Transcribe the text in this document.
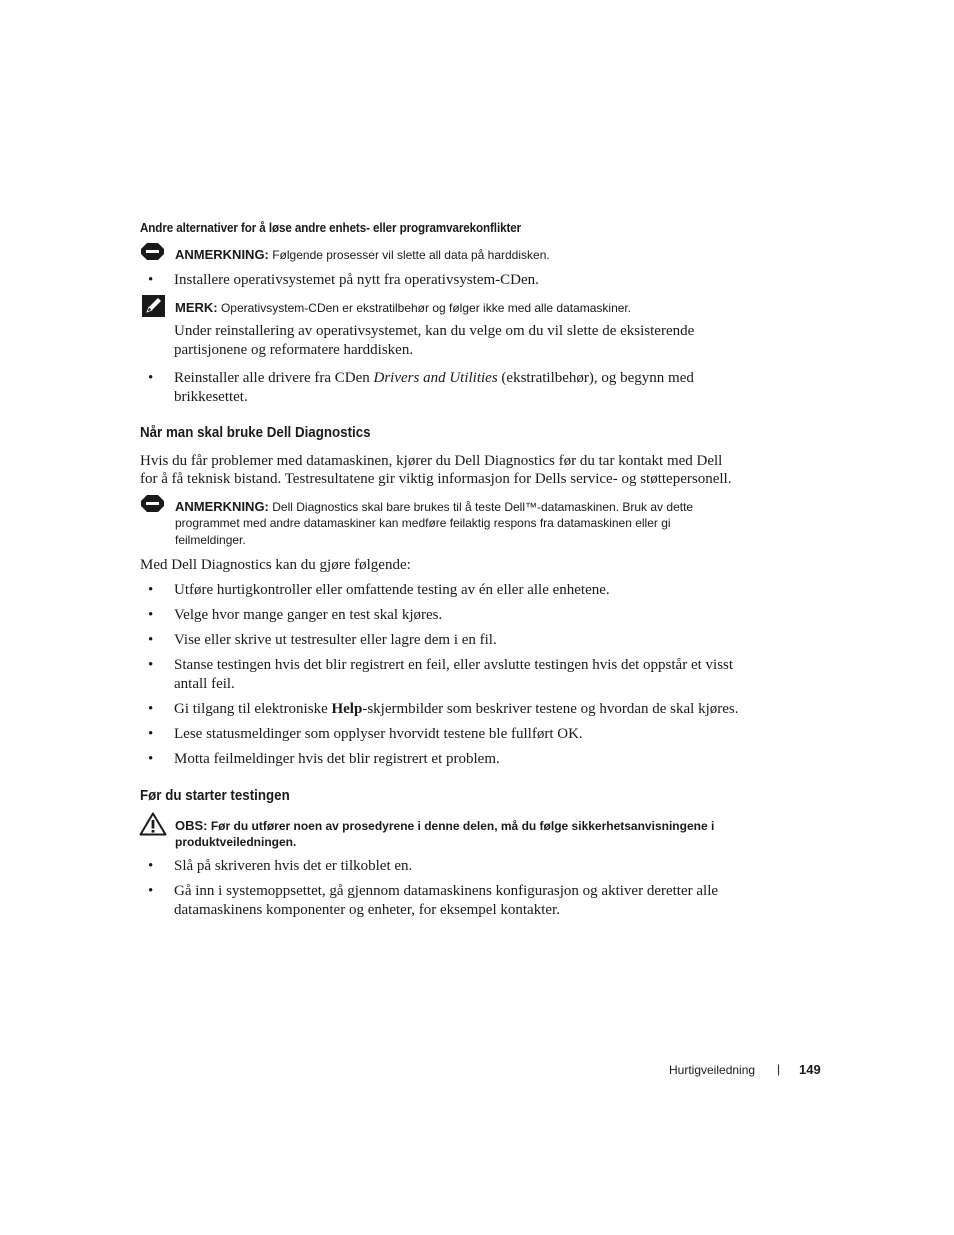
Andre alternativer for å løse andre enhets- eller programvarekonflikter
ANMERKNING: Følgende prosesser vil slette all data på harddisken.
• Installere operativsystemet på nytt fra operativsystem-CDen.
MERK: Operativsystem-CDen er ekstratilbehør og følger ikke med alle datamaskiner.
Under reinstallering av operativsystemet, kan du velge om du vil slette de eksisterende partisjonene og reformatere harddisken.
• Reinstaller alle drivere fra CDen Drivers and Utilities (ekstratilbehør), og begynn med
brikkesettet.
Når man skal bruke Dell Diagnostics
Hvis du får problemer med datamaskinen, kjører du Dell Diagnostics før du tar kontakt med Dell
for å få teknisk bistand. Testresultatene gir viktig informasjon for Dells service- og støttepersonell.
ANMERKNING: Dell Diagnostics skal bare brukes til å teste Dell™-datamaskinen. Bruk av dette
programmet med andre datamaskiner kan medføre feilaktig respons fra datamaskinen eller gi
feilmeldinger.
Med Dell Diagnostics kan du gjøre følgende:
• Utføre hurtigkontroller eller omfattende testing av én eller alle enhetene.
• Velge hvor mange ganger en test skal kjøres.
• Vise eller skrive ut testresulter eller lagre dem i en fil.
• Stanse testingen hvis det blir registrert en feil, eller avslutte testingen hvis det oppstår et visst
antall feil.
• Gi tilgang til elektroniske Help-skjermbilder som beskriver testene og hvordan de skal kjøres.
• Lese statusmeldinger som opplyser hvorvidt testene ble fullført OK.
• Motta feilmeldinger hvis det blir registrert et problem.
Før du starter testingen
OBS: Før du utfører noen av prosedyrene i denne delen, må du følge sikkerhetsanvisningene i
produktveiledningen.
• Slå på skriveren hvis det er tilkoblet en.
• Gå inn i systemoppsettet, gå gjennom datamaskinens konfigurasjon og aktiver deretter alle
datamaskinens komponenter og enheter, for eksempel kontakter.
Hurtigveiledning | 149
